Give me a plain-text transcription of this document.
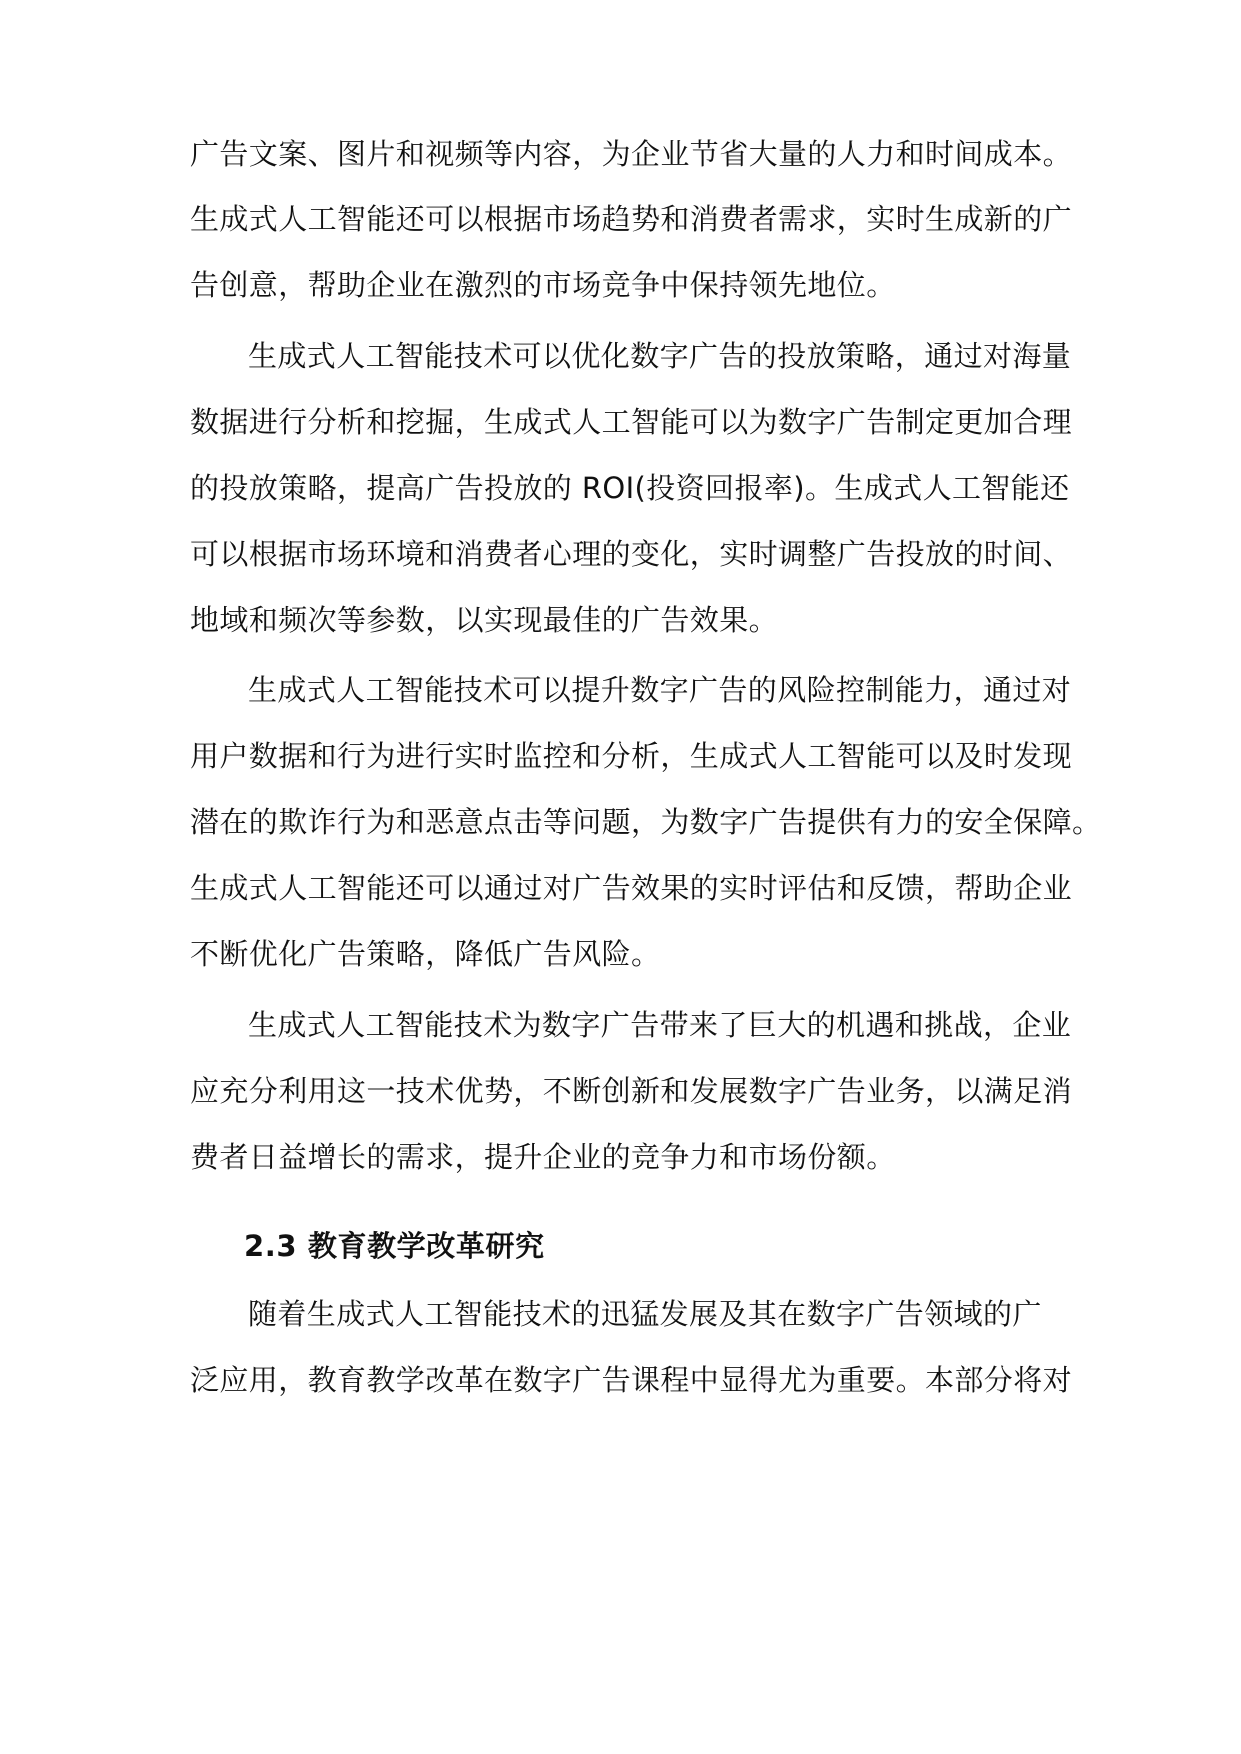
广告文案、图片和视频等内容，为企业节省大量的人力和时间成本。

生成式人工智能还可以根据市场趋势和消费者需求，实时生成新的广

告创意，帮助企业在激烈的市场竞争中保持领先地位。

生成式人工智能技术可以优化数字广告的投放策略，通过对海量

数据进行分析和挖掘，生成式人工智能可以为数字广告制定更加合理

的投放策略，提高广告投放的 ROI(投资回报率)。生成式人工智能还

可以根据市场环境和消费者心理的变化，实时调整广告投放的时间、

地域和频次等参数，以实现最佳的广告效果。

生成式人工智能技术可以提升数字广告的风险控制能力，通过对

用户数据和行为进行实时监控和分析，生成式人工智能可以及时发现

潜在的欺诈行为和恶意点击等问题，为数字广告提供有力的安全保障。

生成式人工智能还可以通过对广告效果的实时评估和反馈，帮助企业

不断优化广告策略，降低广告风险。

生成式人工智能技术为数字广告带来了巨大的机遇和挑战，企业

应充分利用这一技术优势，不断创新和发展数字广告业务，以满足消

费者日益增长的需求，提升企业的竞争力和市场份额。

2.3 教育教学改革研究

随着生成式人工智能技术的迅猛发展及其在数字广告领域的广

泛应用，教育教学改革在数字广告课程中显得尤为重要。本部分将对
